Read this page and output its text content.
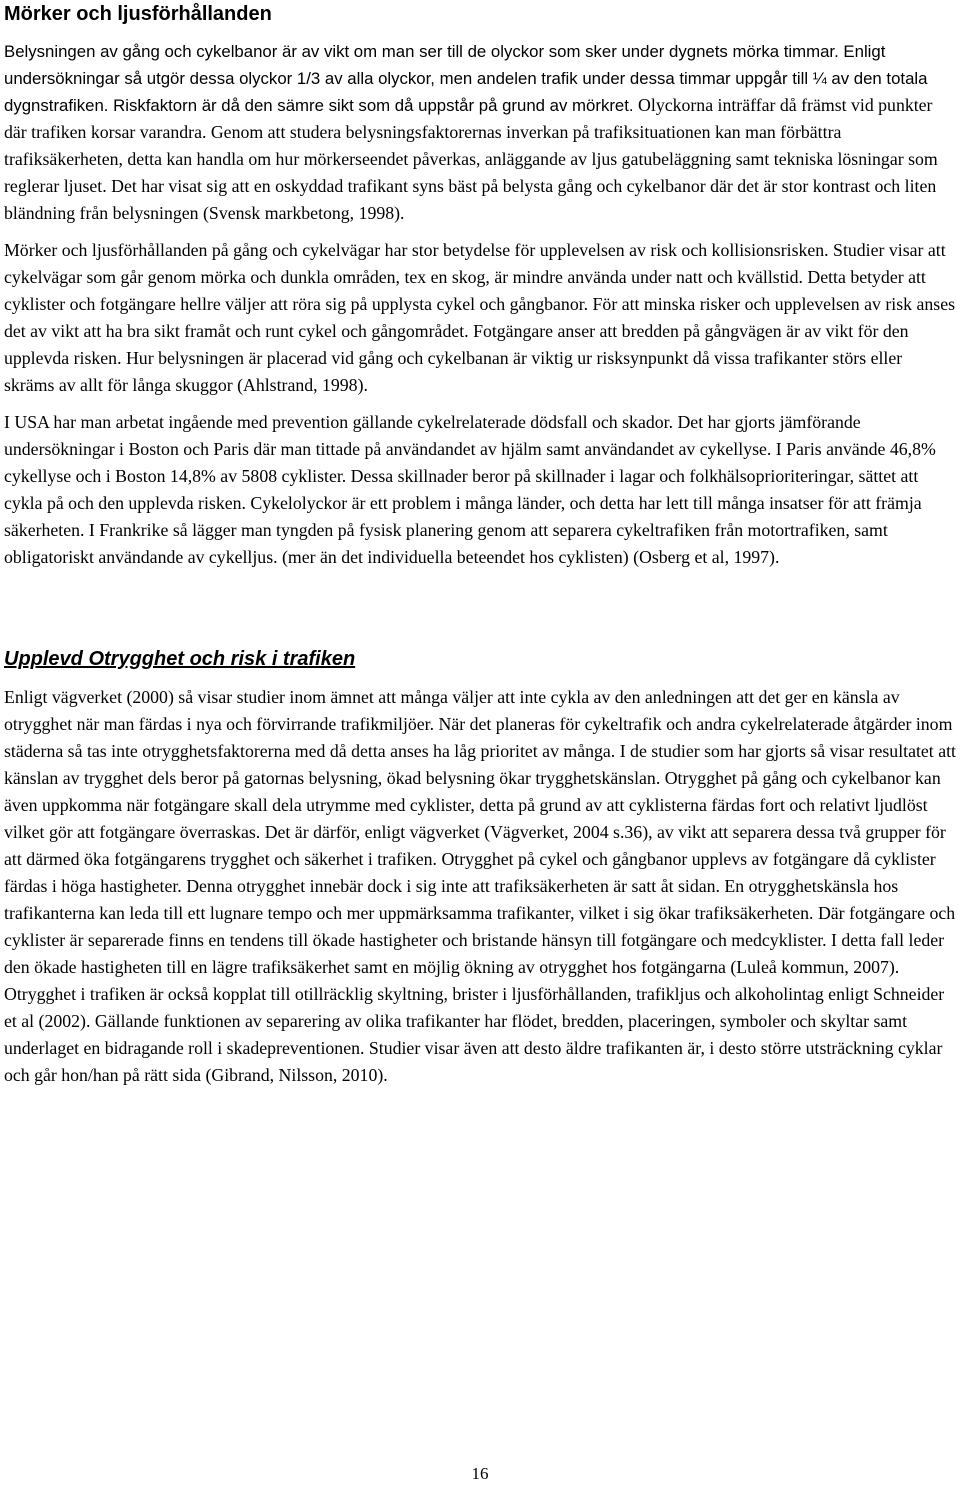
Mörker och ljusförhållanden

Belysningen av gång och cykelbanor är av vikt om man ser till de olyckor som sker under dygnets mörka timmar. Enligt undersökningar så utgör dessa olyckor 1/3 av alla olyckor, men andelen trafik under dessa timmar uppgår till ¼ av den totala dygnstrafiken. Riskfaktorn är då den sämre sikt som då uppstår på grund av mörkret. Olyckorna inträffar då främst vid punkter där trafiken korsar varandra. Genom att studera belysningsfaktorernas inverkan på trafiksituationen kan man förbättra trafiksäkerheten, detta kan handla om hur mörkerseendet påverkas, anläggande av ljus gatubeläggning samt tekniska lösningar som reglerar ljuset. Det har visat sig att en oskyddad trafikant syns bäst på belysta gång och cykelbanor där det är stor kontrast och liten bländning från belysningen (Svensk markbetong, 1998).

Mörker och ljusförhållanden på gång och cykelvägar har stor betydelse för upplevelsen av risk och kollisionsrisken. Studier visar att cykelvägar som går genom mörka och dunkla områden, tex en skog, är mindre använda under natt och kvällstid. Detta betyder att cyklister och fotgängare hellre väljer att röra sig på upplysta cykel och gångbanor. För att minska risker och upplevelsen av risk anses det av vikt att ha bra sikt framåt och runt cykel och gångområdet. Fotgängare anser att bredden på gångvägen är av vikt för den upplevda risken. Hur belysningen är placerad vid gång och cykelbanan är viktig ur risksynpunkt då vissa trafikanter störs eller skräms av allt för långa skuggor (Ahlstrand, 1998).

I USA har man arbetat ingående med prevention gällande cykelrelaterade dödsfall och skador. Det har gjorts jämförande undersökningar i Boston och Paris där man tittade på användandet av hjälm samt användandet av cykellyse. I Paris använde 46,8% cykellyse och i Boston 14,8% av 5808 cyklister. Dessa skillnader beror på skillnader i lagar och folkhälsoprioriteringar, sättet att cykla på och den upplevda risken. Cykelolyckor är ett problem i många länder, och detta har lett till många insatser för att främja säkerheten. I Frankrike så lägger man tyngden på fysisk planering genom att separera cykeltrafiken från motortrafiken, samt obligatoriskt användande av cykelljus. (mer än det individuella beteendet hos cyklisten) (Osberg et al, 1997).

Upplevd Otrygghet och risk i trafiken

Enligt vägverket (2000) så visar studier inom ämnet att många väljer att inte cykla av den anledningen att det ger en känsla av otrygghet när man färdas i nya och förvirrande trafikmiljöer. När det planeras för cykeltrafik och andra cykelrelaterade åtgärder inom städerna så tas inte otrygghetsfaktorerna med då detta anses ha låg prioritet av många. I de studier som har gjorts så visar resultatet att känslan av trygghet dels beror på gatornas belysning, ökad belysning ökar trygghetskänslan. Otrygghet på gång och cykelbanor kan även uppkomma när fotgängare skall dela utrymme med cyklister, detta på grund av att cyklisterna färdas fort och relativt ljudlöst vilket gör att fotgängare överraskas. Det är därför, enligt vägverket (Vägverket, 2004 s.36), av vikt att separera dessa två grupper för att därmed öka fotgängarens trygghet och säkerhet i trafiken. Otrygghet på cykel och gångbanor upplevs av fotgängare då cyklister färdas i höga hastigheter. Denna otrygghet innebär dock i sig inte att trafiksäkerheten är satt åt sidan. En otrygghetskänsla hos trafikanterna kan leda till ett lugnare tempo och mer uppmärksamma trafikanter, vilket i sig ökar trafiksäkerheten. Där fotgängare och cyklister är separerade finns en tendens till ökade hastigheter och bristande hänsyn till fotgängare och medcyklister. I detta fall leder den ökade hastigheten till en lägre trafiksäkerhet samt en möjlig ökning av otrygghet hos fotgängarna (Luleå kommun, 2007). Otrygghet i trafiken är också kopplat till otillräcklig skyltning, brister i ljusförhållanden, trafikljus och alkoholintag enligt Schneider et al (2002). Gällande funktionen av separering av olika trafikanter har flödet, bredden, placeringen, symboler och skyltar samt underlaget en bidragande roll i skadepreventionen. Studier visar även att desto äldre trafikanten är, i desto större utsträckning cyklar och går hon/han på rätt sida (Gibrand, Nilsson, 2010).

16
